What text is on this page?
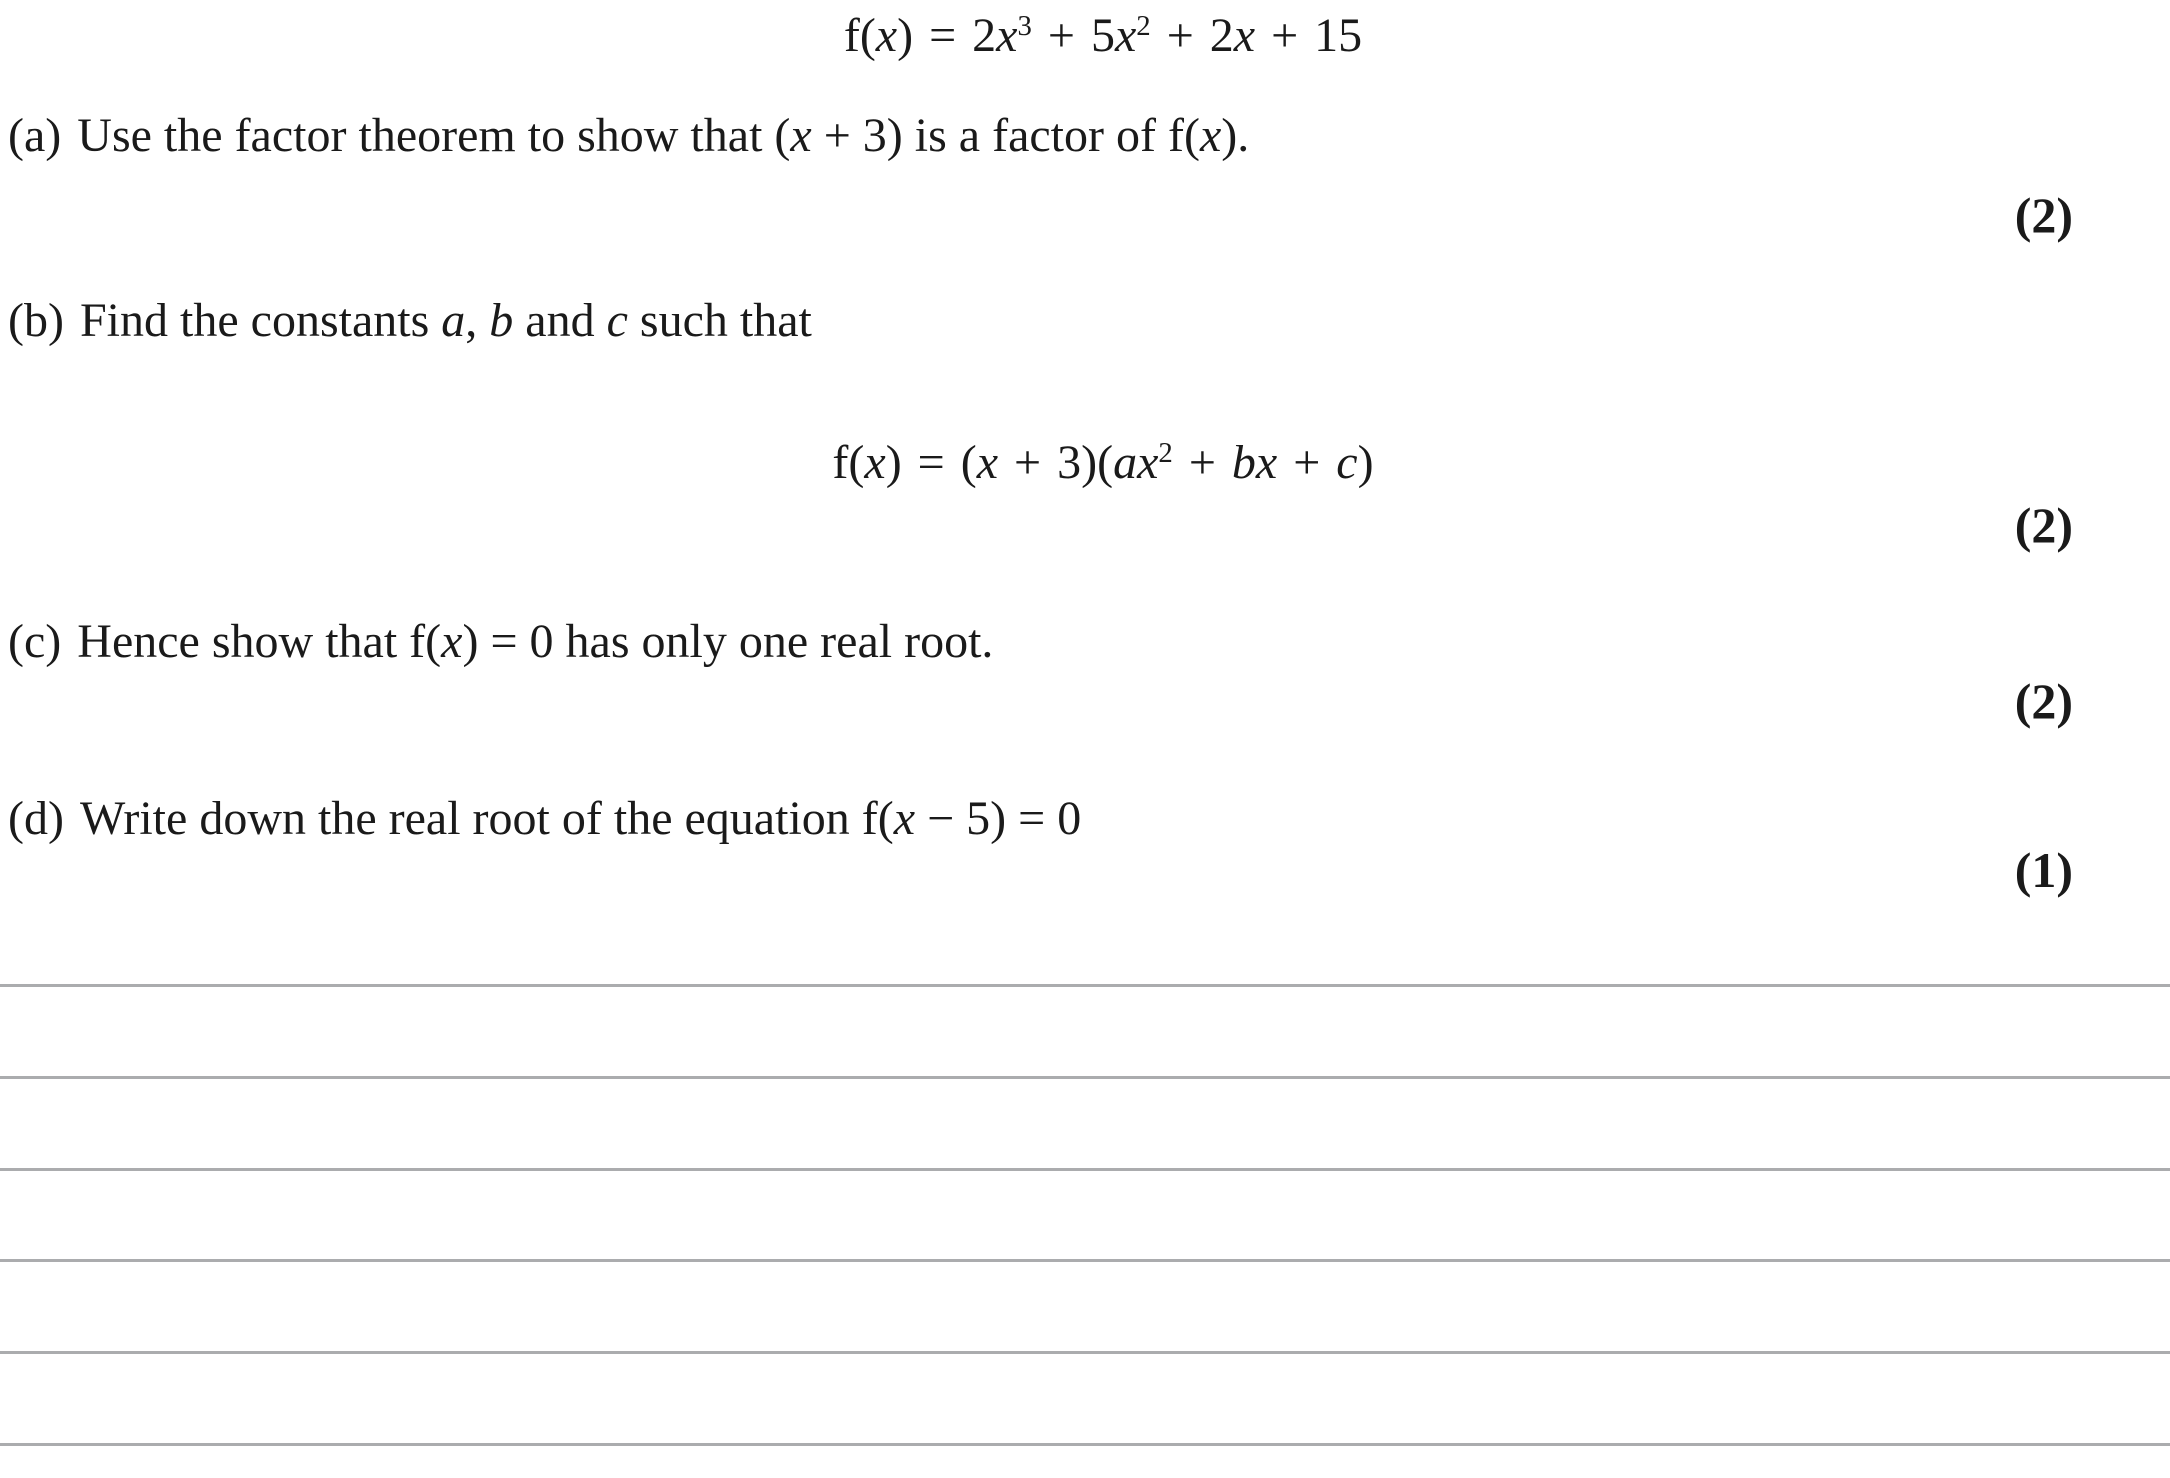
$f(x) = 2x^3 + 5x^2 + 2x + 15$
(a) Use the factor theorem to show that (x + 3) is a factor of f(x).
(2)
(b) Find the constants a, b and c such that
$f(x) = (x + 3)(ax^2$ + bx + c)
(2)
(c) Hence show that f(x) = 0 has only one real root.
(2)
(d) Write down the real root of the equation f(x − 5) = 0
(1)
